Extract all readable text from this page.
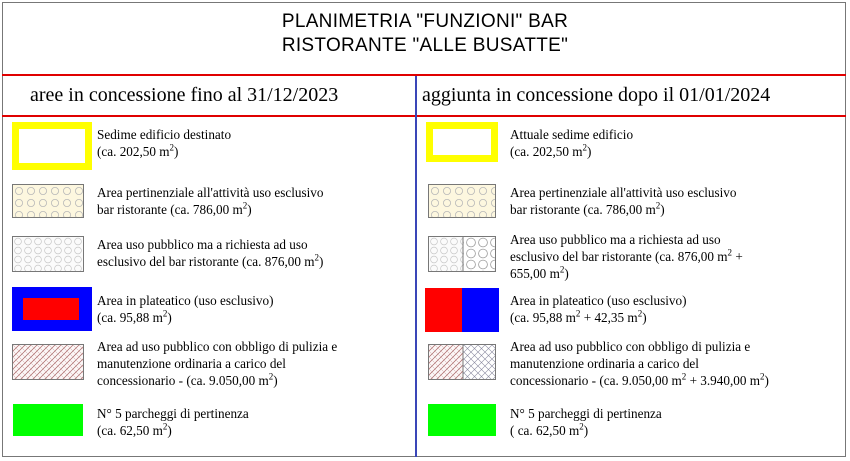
PLANIMETRIA "FUNZIONI" BAR
RISTORANTE "ALLE BUSATTE"
aree in concessione fino al 31/12/2023	aggiunta in concessione dopo il 01/01/2024
Sedime edificio destinato
(ca. 202,50 $m^2$)
Area pertinenziale all'attività uso esclusivo
bar ristorante (ca. 786,00 $m^2$)
Area uso pubblico ma a richiesta ad uso
esclusivo del bar ristorante (ca. 876,00 $m^2$)
Area in plateatico (uso esclusivo)
(ca. 95,88 $m^2$)
Area ad uso pubblico con obbligo di pulizia e
manutenzione ordinaria a carico del
concessionario - (ca. 9.050,00 $m^2$)
N° 5 parcheggi di pertinenza
(ca. 62,50 $m^2$)
Attuale sedime edificio
(ca. 202,50 $m^2$)
Area pertinenziale all'attività uso esclusivo
bar ristorante (ca. 786,00 $m^2$)
Area uso pubblico ma a richiesta ad uso
esclusivo del bar ristorante (ca. 876,00 $m^2$ +
655,00 $m^2$)
Area in plateatico (uso esclusivo)
(ca. 95,88 $m^2 + 42,35$ $m^2$)
Area ad uso pubblico con obbligo di pulizia e
manutenzione ordinaria a carico del
concessionario - (ca. 9.050,00 $m^2 + 3.940,00$ $m^2$)
N° 5 parcheggi di pertinenza
( ca. 62,50 $m^2$)
